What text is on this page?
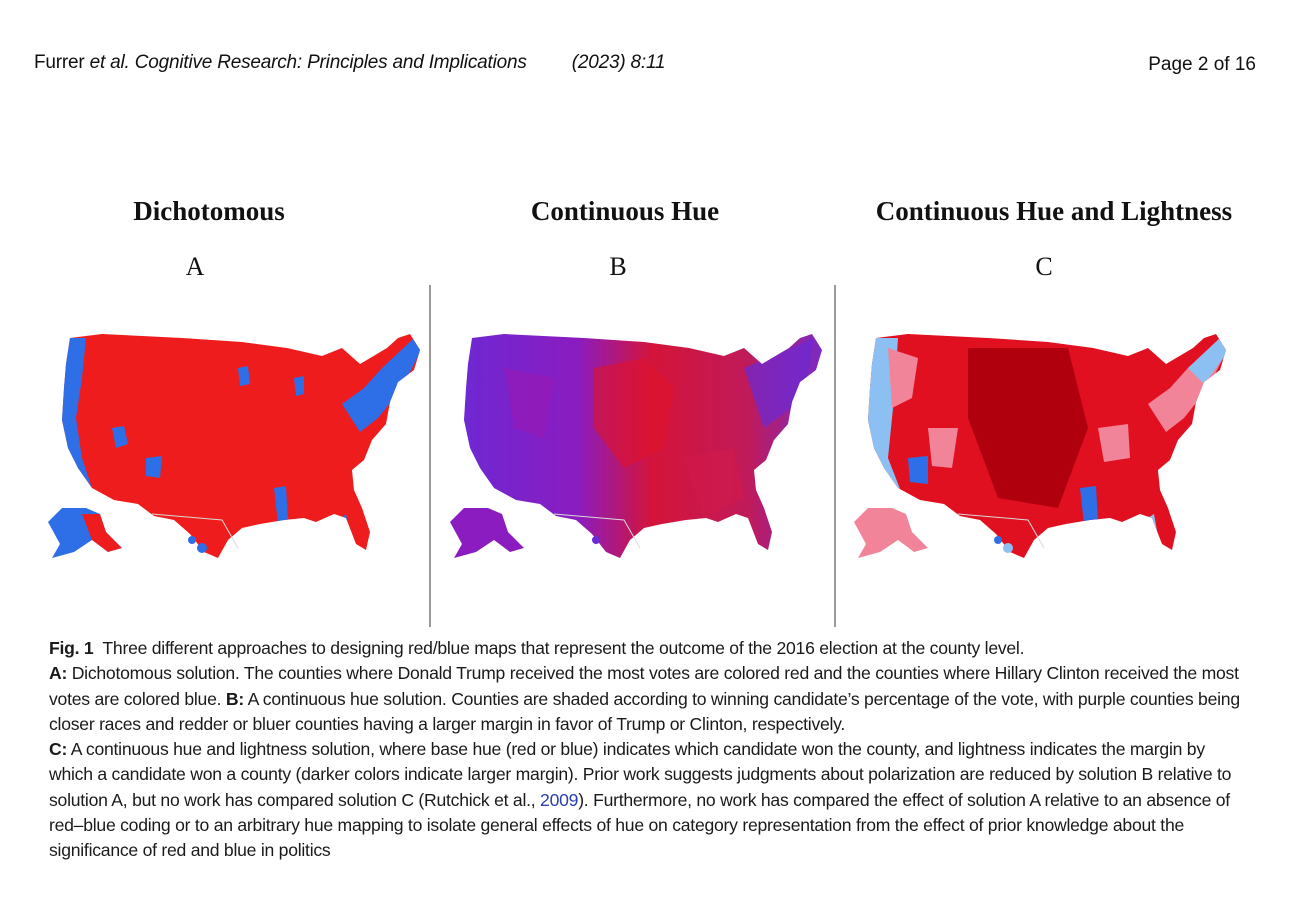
Furrer et al. Cognitive Research: Principles and Implications (2023) 8:11	Page 2 of 16
Dichotomous
A
Continuous Hue
B
Continuous Hue and Lightness
C
Fig. 1 Three different approaches to designing red/blue maps that represent the outcome of the 2016 election at the county level.
A: Dichotomous solution. The counties where Donald Trump received the most votes are colored red and the counties where Hillary Clinton received the most votes are colored blue. B: A continuous hue solution. Counties are shaded according to winning candidate’s percentage of the vote, with purple counties being closer races and redder or bluer counties having a larger margin in favor of Trump or Clinton, respectively.
C: A continuous hue and lightness solution, where base hue (red or blue) indicates which candidate won the county, and lightness indicates the margin by which a candidate won a county (darker colors indicate larger margin). Prior work suggests judgments about polarization are reduced by solution B relative to solution A, but no work has compared solution C (Rutchick et al., 2009). Furthermore, no work has compared the effect of solution A relative to an absence of red–blue coding or to an arbitrary hue mapping to isolate general effects of hue on category representation from the effect of prior knowledge about the significance of red and blue in politics
